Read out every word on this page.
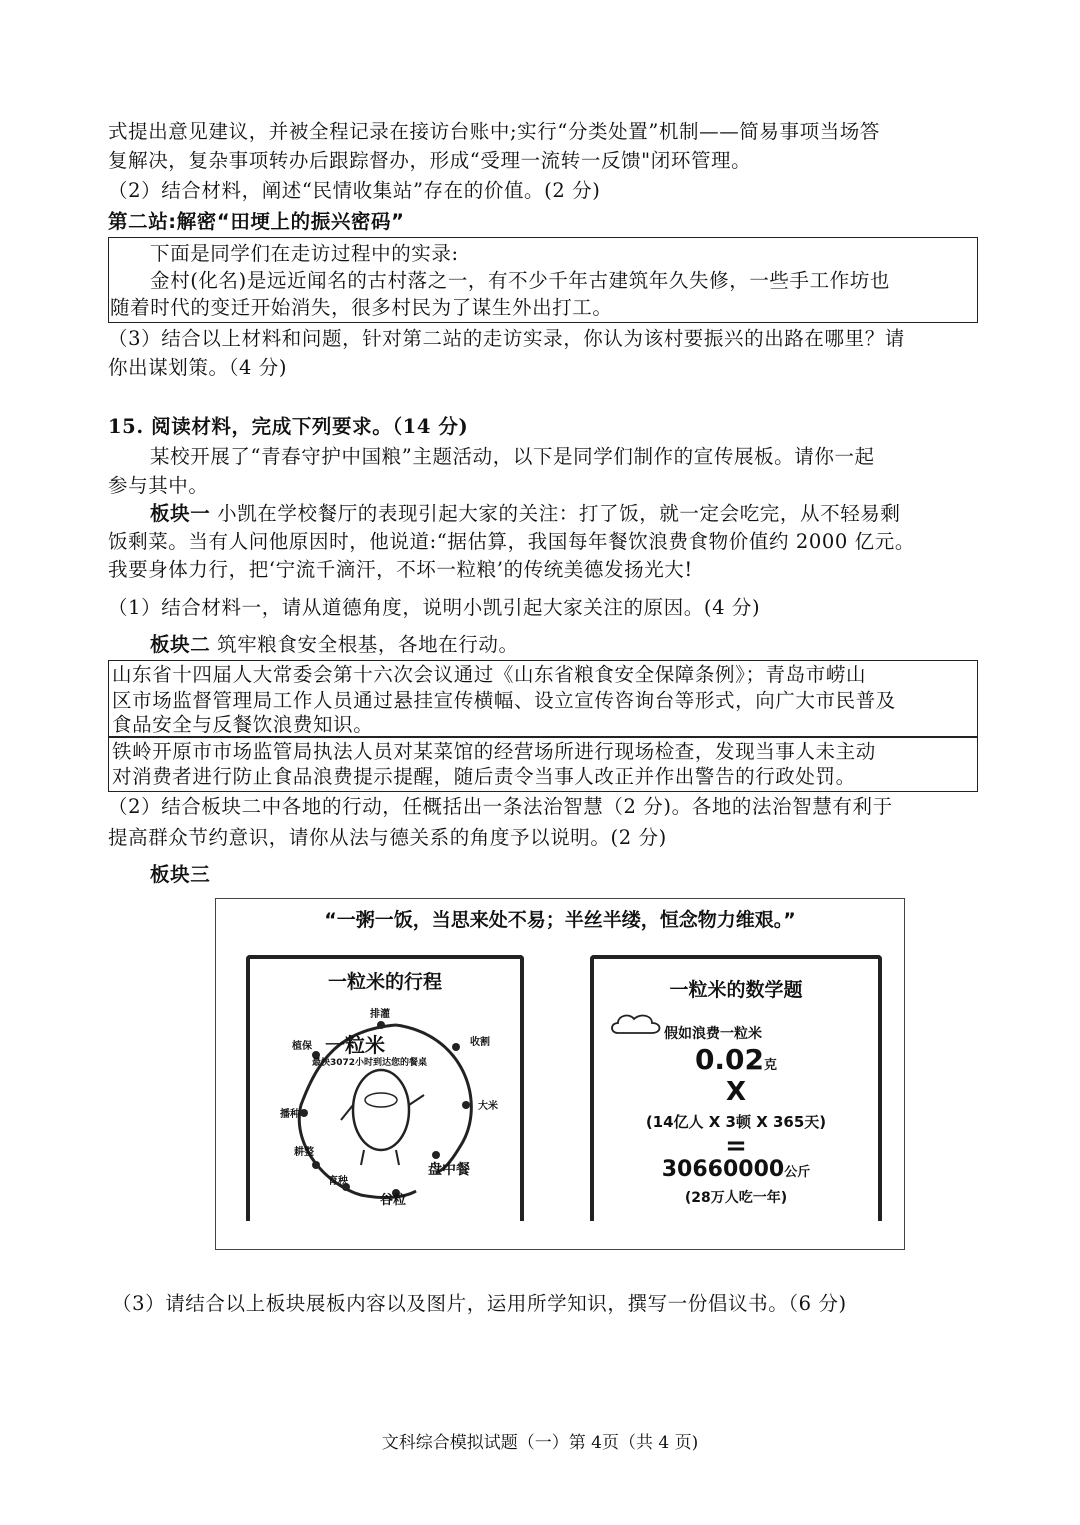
式提出意见建议，并被全程记录在接访台账中;实行“分类处置”机制——简易事项当场答
复解决，复杂事项转办后跟踪督办，形成“受理一流转一反馈"闭环管理。
（2）结合材料，阐述“民情收集站”存在的价值。(2 分)
第二站:解密“田埂上的振兴密码”
下面是同学们在走访过程中的实录:
金村(化名)是远近闻名的古村落之一，有不少千年古建筑年久失修，一些手工作坊也
随着时代的变迁开始消失，很多村民为了谋生外出打工。
（3）结合以上材料和问题，针对第二站的走访实录，你认为该村要振兴的出路在哪里？请
你出谋划策。（4 分)
15. 阅读材料，完成下列要求。（14 分)
某校开展了“青春守护中国粮”主题活动，以下是同学们制作的宣传展板。请你一起
参与其中。
板块一 小凯在学校餐厅的表现引起大家的关注：打了饭，就一定会吃完，从不轻易剩
饭剩菜。当有人问他原因时，他说道:“据估算，我国每年餐饮浪费食物价值约 2000 亿元。
我要身体力行，把‘宁流千滴汗，不坏一粒粮’的传统美德发扬光大!
（1）结合材料一，请从道德角度，说明小凯引起大家关注的原因。(4 分)
板块二 筑牢粮食安全根基，各地在行动。
山东省十四届人大常委会第十六次会议通过《山东省粮食安全保障条例》；青岛市崂山
区市场监督管理局工作人员通过悬挂宣传横幅、设立宣传咨询台等形式，向广大市民普及
食品安全与反餐饮浪费知识。
铁岭开原市市场监管局执法人员对某菜馆的经营场所进行现场检查，发现当事人未主动
对消费者进行防止食品浪费提示提醒，随后责令当事人改正并作出警告的行政处罚。
（2）结合板块二中各地的行动，任概括出一条法治智慧（2 分)。各地的法治智慧有利于
提高群众节约意识，请你从法与德关系的角度予以说明。(2 分)
板块三
“一粥一饭，当思来处不易；半丝半缕，恒念物力维艰。”
一粒米的行程
一粒米
最快3072小时到达您的餐桌
排灌
收割
大米
盘中餐
谷粒
育秧
耕整
播种
植保
一粒米的数学题
假如浪费一粒米
0.02克
X
(14亿人 X 3顿 X 365天)
=
30660000公斤
(28万人吃一年)
（3）请结合以上板块展板内容以及图片，运用所学知识，撰写一份倡议书。（6 分)
文科综合模拟试题（一）第 4页（共 4 页)
